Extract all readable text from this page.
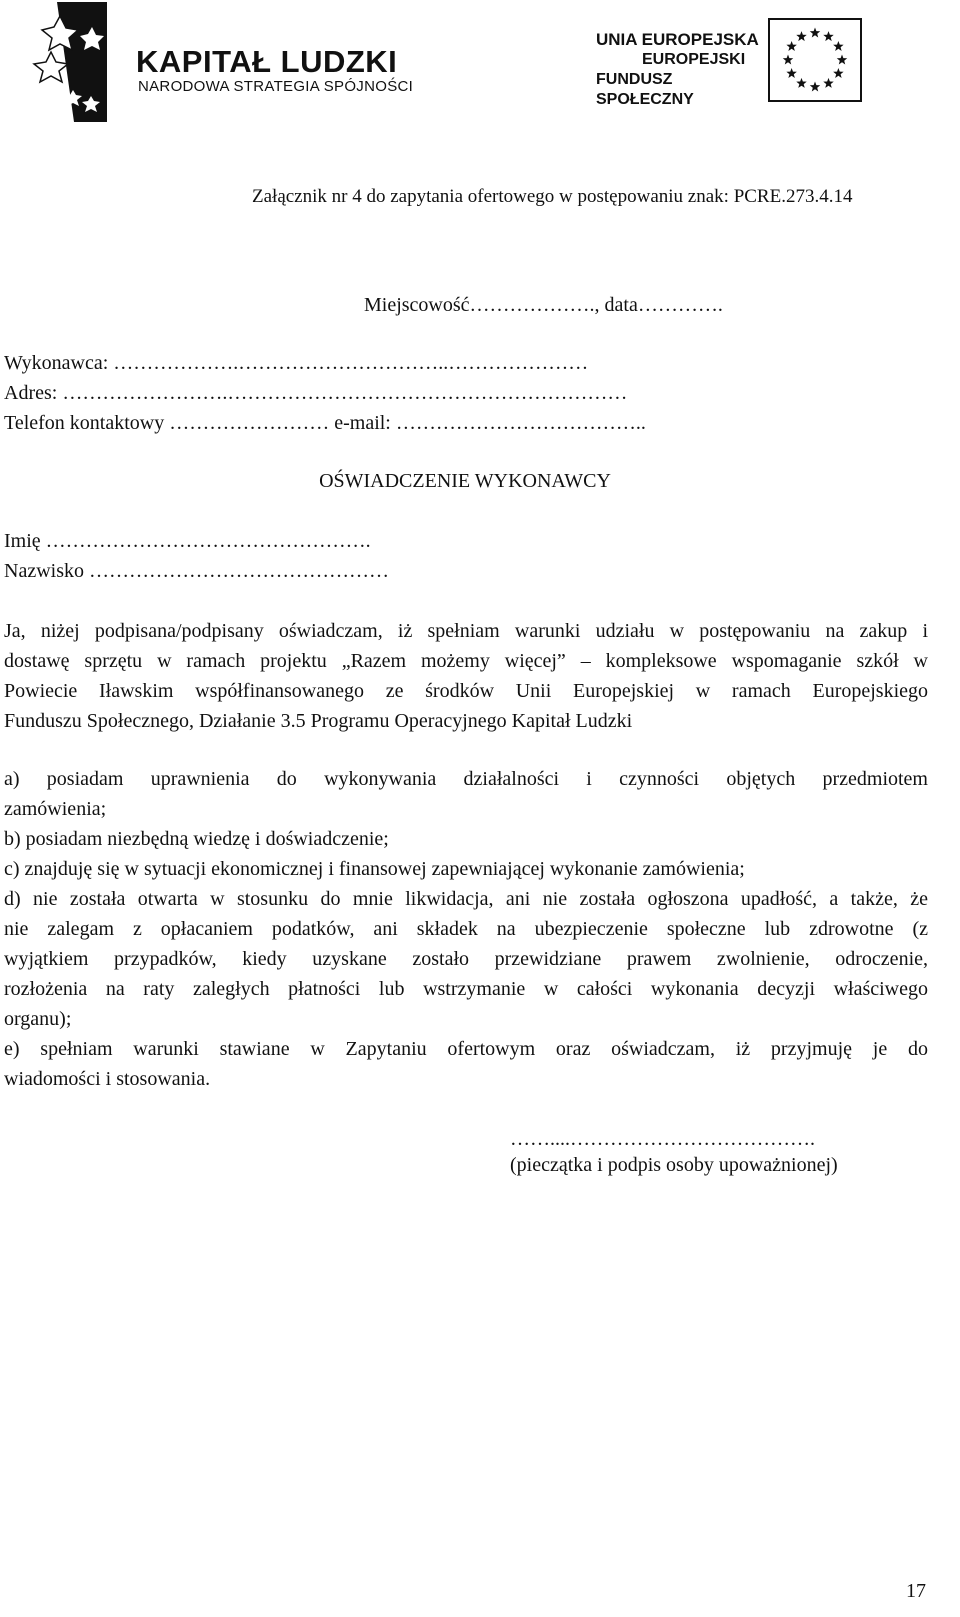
KAPITAŁ LUDZKI
NARODOWA STRATEGIA SPÓJNOŚCI
UNIA EUROPEJSKA
EUROPEJSKI
FUNDUSZ SPOŁECZNY
Załącznik nr 4 do zapytania ofertowego w postępowaniu znak: PCRE.273.4.14
Miejscowość………………., data………….
Wykonawca: ……………….…………………………..…………………
Adres: …………………….……………………………………………………
Telefon kontaktowy …………………… e-mail: ………………………………..
OŚWIADCZENIE WYKONAWCY
Imię ………………………………………….
Nazwisko ………………………………………
Ja, niżej podpisana/podpisany oświadczam, iż spełniam warunki udziału w postępowaniu na zakup i
dostawę sprzętu w ramach projektu „Razem możemy więcej” – kompleksowe wspomaganie szkół w
Powiecie Iławskim współfinansowanego ze środków Unii Europejskiej w ramach Europejskiego
Funduszu Społecznego, Działanie 3.5 Programu Operacyjnego Kapitał Ludzki
a) posiadam uprawnienia do wykonywania działalności i czynności objętych przedmiotem
zamówienia;
b) posiadam niezbędną wiedzę i doświadczenie;
c) znajduję się w sytuacji ekonomicznej i finansowej zapewniającej wykonanie zamówienia;
d) nie została otwarta w stosunku do mnie likwidacja, ani nie została ogłoszona upadłość, a także, że
nie zalegam z opłacaniem podatków, ani składek na ubezpieczenie społeczne lub zdrowotne (z
wyjątkiem przypadków, kiedy uzyskane zostało przewidziane prawem zwolnienie, odroczenie,
rozłożenia na raty zaległych płatności lub wstrzymanie w całości wykonania decyzji właściwego
organu);
e) spełniam warunki stawiane w Zapytaniu ofertowym oraz oświadczam, iż przyjmuję je do
wiadomości i stosowania.
……....……………………………….
(pieczątka i podpis osoby upoważnionej)
17
